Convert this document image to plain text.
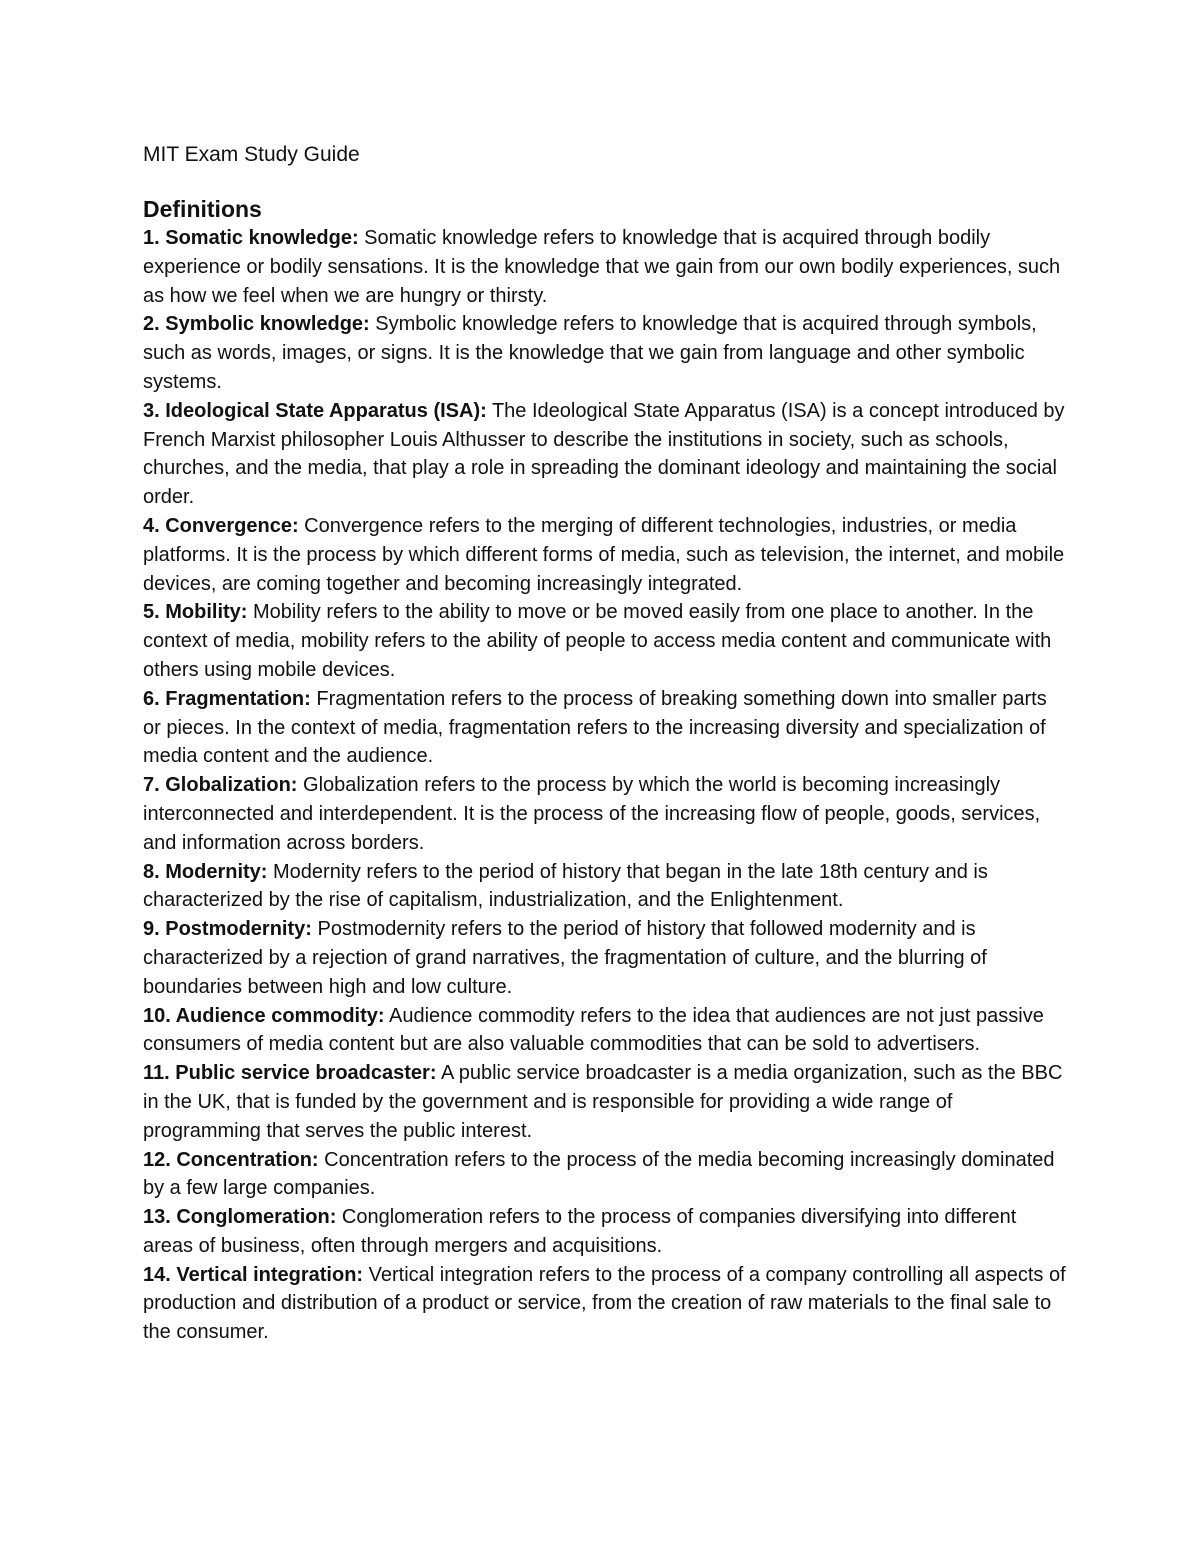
MIT Exam Study Guide
Definitions
1. Somatic knowledge: Somatic knowledge refers to knowledge that is acquired through bodily experience or bodily sensations. It is the knowledge that we gain from our own bodily experiences, such as how we feel when we are hungry or thirsty.
2. Symbolic knowledge: Symbolic knowledge refers to knowledge that is acquired through symbols, such as words, images, or signs. It is the knowledge that we gain from language and other symbolic systems.
3. Ideological State Apparatus (ISA): The Ideological State Apparatus (ISA) is a concept introduced by French Marxist philosopher Louis Althusser to describe the institutions in society, such as schools, churches, and the media, that play a role in spreading the dominant ideology and maintaining the social order.
4. Convergence: Convergence refers to the merging of different technologies, industries, or media platforms. It is the process by which different forms of media, such as television, the internet, and mobile devices, are coming together and becoming increasingly integrated.
5. Mobility: Mobility refers to the ability to move or be moved easily from one place to another. In the context of media, mobility refers to the ability of people to access media content and communicate with others using mobile devices.
6. Fragmentation: Fragmentation refers to the process of breaking something down into smaller parts or pieces. In the context of media, fragmentation refers to the increasing diversity and specialization of media content and the audience.
7. Globalization: Globalization refers to the process by which the world is becoming increasingly interconnected and interdependent. It is the process of the increasing flow of people, goods, services, and information across borders.
8. Modernity: Modernity refers to the period of history that began in the late 18th century and is characterized by the rise of capitalism, industrialization, and the Enlightenment.
9. Postmodernity: Postmodernity refers to the period of history that followed modernity and is characterized by a rejection of grand narratives, the fragmentation of culture, and the blurring of boundaries between high and low culture.
10. Audience commodity: Audience commodity refers to the idea that audiences are not just passive consumers of media content but are also valuable commodities that can be sold to advertisers.
11. Public service broadcaster: A public service broadcaster is a media organization, such as the BBC in the UK, that is funded by the government and is responsible for providing a wide range of programming that serves the public interest.
12. Concentration: Concentration refers to the process of the media becoming increasingly dominated by a few large companies.
13. Conglomeration: Conglomeration refers to the process of companies diversifying into different areas of business, often through mergers and acquisitions.
14. Vertical integration: Vertical integration refers to the process of a company controlling all aspects of production and distribution of a product or service, from the creation of raw materials to the final sale to the consumer.
